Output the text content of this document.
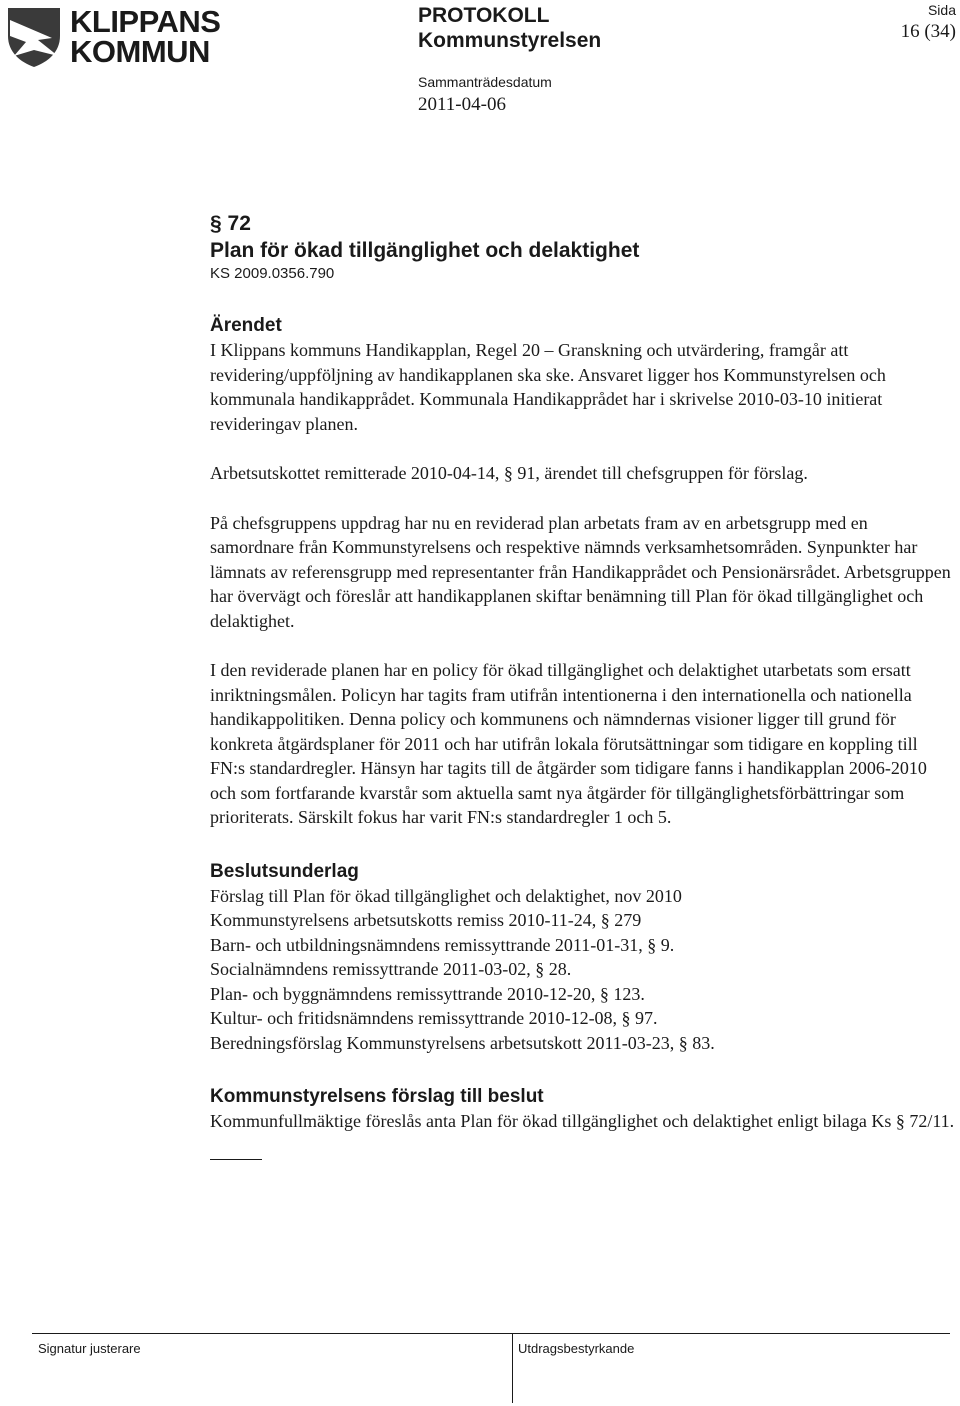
KLIPPANS
KOMMUN
PROTOKOLL
Kommunstyrelsen
Sammanträdesdatum
2011-04-06
Sida
16 (34)
§ 72
Plan för ökad tillgänglighet och delaktighet
KS 2009.0356.790
Ärendet

I Klippans kommuns Handikapplan, Regel 20 – Granskning och utvärdering, framgår att revidering/uppföljning av handikapplanen ska ske. Ansvaret ligger hos Kommunstyrelsen och kommunala handikapprådet. Kommunala Handikapprådet har i skrivelse 2010-03-10 initierat revideringav planen.

Arbetsutskottet remitterade 2010-04-14, § 91, ärendet till chefsgruppen för förslag.

På chefsgruppens uppdrag har nu en reviderad plan arbetats fram av en arbetsgrupp med en samordnare från Kommunstyrelsens och respektive nämnds verksamhetsområden. Synpunkter har lämnats av referensgrupp med representanter från Handikapprådet och Pensionärsrådet. Arbetsgruppen har övervägt och föreslår att handikapplanen skiftar benämning till Plan för ökad tillgänglighet och delaktighet.

I den reviderade planen har en policy för ökad tillgänglighet och delaktighet utarbetats som ersatt inriktningsmålen. Policyn har tagits fram utifrån intentionerna i den internationella och nationella handikappolitiken. Denna policy och kommunens och nämndernas visioner ligger till grund för konkreta åtgärdsplaner för 2011 och har utifrån lokala förutsättningar som tidigare en koppling till FN:s standardregler. Hänsyn har tagits till de åtgärder som tidigare fanns i handikapplan 2006-2010 och som fortfarande kvarstår som aktuella samt nya åtgärder för tillgänglighetsförbättringar som prioriterats. Särskilt fokus har varit FN:s standardregler 1 och 5.

Beslutsunderlag
Förslag till Plan för ökad tillgänglighet och delaktighet, nov 2010
Kommunstyrelsens arbetsutskotts remiss 2010-11-24, § 279
Barn- och utbildningsnämndens remissyttrande 2011-01-31, § 9.
Socialnämndens remissyttrande 2011-03-02, § 28.
Plan- och byggnämndens remissyttrande 2010-12-20, § 123.
Kultur- och fritidsnämndens remissyttrande 2010-12-08, § 97.
Beredningsförslag Kommunstyrelsens arbetsutskott 2011-03-23, § 83.
Kommunstyrelsens förslag till beslut

Kommunfullmäktige föreslås anta Plan för ökad tillgänglighet och delaktighet enligt bilaga Ks § 72/11.

Signatur justerare	Utdragsbestyrkande
